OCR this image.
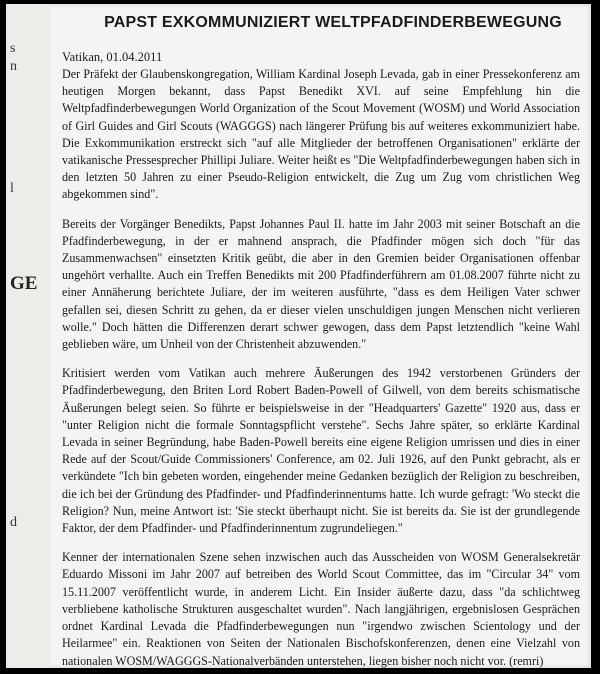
s
n
l
GE
d
PAPST EXKOMMUNIZIERT WELTPFADFINDERBEWEGUNG

Vatikan, 01.04.2011

Der Präfekt der Glaubenskongregation, William Kardinal Joseph Levada, gab in einer Pressekonferenz am heutigen Morgen bekannt, dass Papst Benedikt XVI. auf seine Empfehlung hin die Weltpfadfinderbewegungen World Organization of the Scout Movement (WOSM) und World Association of Girl Guides and Girl Scouts (WAGGGS) nach längerer Prüfung bis auf weiteres exkommuniziert habe. Die Exkommunikation erstreckt sich "auf alle Mitglieder der betroffenen Organisationen" erklärte der vatikanische Pressesprecher Phillipi Juliare. Weiter heißt es "Die Weltpfadfinderbewegungen haben sich in den letzten 50 Jahren zu einer Pseudo-Religion entwickelt, die Zug um Zug vom christlichen Weg abgekommen sind".

Bereits der Vorgänger Benedikts, Papst Johannes Paul II. hatte im Jahr 2003 mit seiner Botschaft an die Pfadfinderbewegung, in der er mahnend ansprach, die Pfadfinder mögen sich doch "für das Zusammenwachsen" einsetzten Kritik geübt, die aber in den Gremien beider Organisationen offenbar ungehört verhallte. Auch ein Treffen Benedikts mit 200 Pfadfinderführern am 01.08.2007 führte nicht zu einer Annäherung berichtete Juliare, der im weiteren ausführte, "dass es dem Heiligen Vater schwer gefallen sei, diesen Schritt zu gehen, da er dieser vielen unschuldigen jungen Menschen nicht verlieren wolle." Doch hätten die Differenzen derart schwer gewogen, dass dem Papst letztendlich "keine Wahl geblieben wäre, um Unheil von der Christenheit abzuwenden."

Kritisiert werden vom Vatikan auch mehrere Äußerungen des 1942 verstorbenen Gründers der Pfadfinderbewegung, den Briten Lord Robert Baden-Powell of Gilwell, von dem bereits schismatische Äußerungen belegt seien. So führte er beispielsweise in der "Headquarters' Gazette" 1920 aus, dass er "unter Religion nicht die formale Sonntagspflicht verstehe". Sechs Jahre später, so erklärte Kardinal Levada in seiner Begründung, habe Baden-Powell bereits eine eigene Religion umrissen und dies in einer Rede auf der Scout/Guide Commissioners' Conference, am 02. Juli 1926, auf den Punkt gebracht, als er verkündete "Ich bin gebeten worden, eingehender meine Gedanken bezüglich der Religion zu beschreiben, die ich bei der Gründung des Pfadfinder- und Pfadfinderinnentums hatte. Ich wurde gefragt: 'Wo steckt die Religion? Nun, meine Antwort ist: 'Sie steckt überhaupt nicht. Sie ist bereits da. Sie ist der grundlegende Faktor, der dem Pfadfinder- und Pfadfinderinnentum zugrundeliegen."

Kenner der internationalen Szene sehen inzwischen auch das Ausscheiden von WOSM Generalsekretär Eduardo Missoni im Jahr 2007 auf betreiben des World Scout Committee, das im "Circular 34" vom 15.11.2007 veröffentlicht wurde, in anderem Licht. Ein Insider äußerte dazu, dass "da schlichtweg verbliebene katholische Strukturen ausgeschaltet wurden". Nach langjährigen, ergebnislosen Gesprächen ordnet Kardinal Levada die Pfadfinderbewegungen nun "irgendwo zwischen Scientology und der Heilarmee" ein. Reaktionen von Seiten der Nationalen Bischofskonferenzen, denen eine Vielzahl von nationalen WOSM/WAGGGS-Nationalverbänden unterstehen, liegen bisher noch nicht vor. (remri)
